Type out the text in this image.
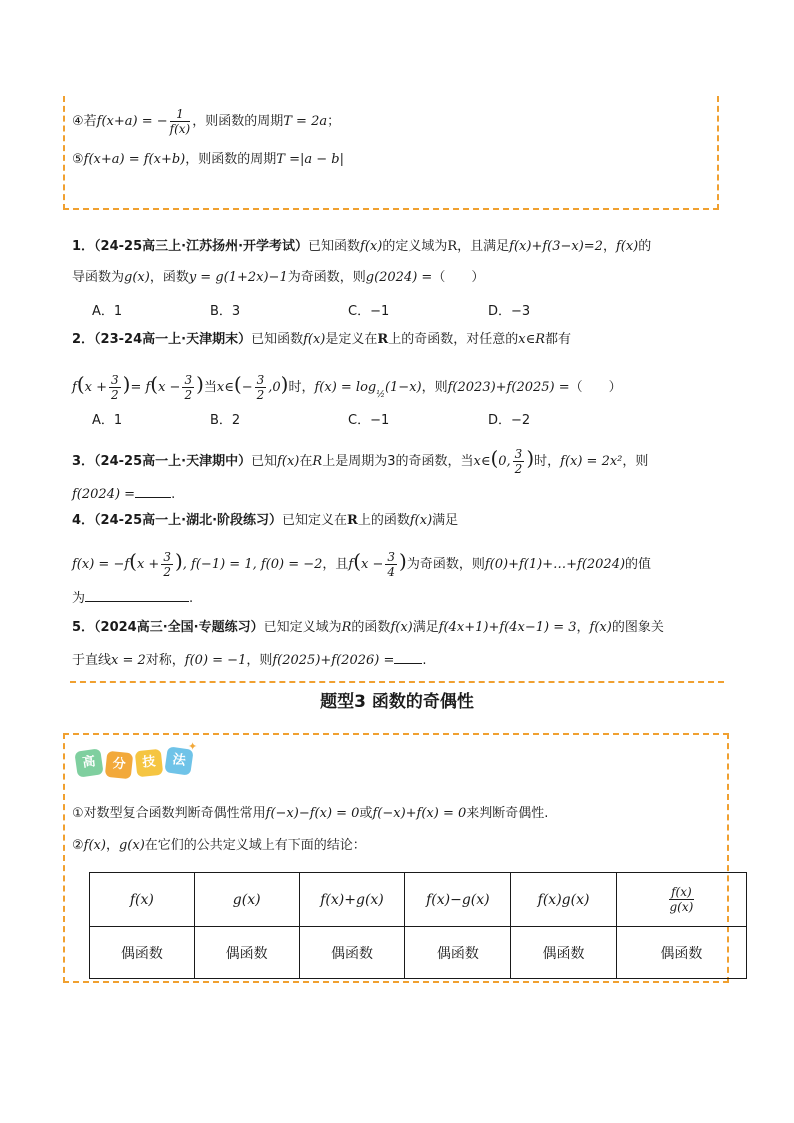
④若f(x+a) = − $\frac{1}{f(x)}$ ，则函数的周期T = 2a；
⑤f(x+a) = f(x+b)，则函数的周期T =|a − b|
1．（24-25高三上·江苏扬州·开学考试）已知函数f(x)的定义域为R，且满足f(x)+f(3−x)=2，f(x)的
导函数为g(x)，函数y = g(1+2x)−1为奇函数，则g(2024) =（　　）
A．1	B．3	C．−1	D．−3
2．（23-24高一上·天津期末）已知函数f(x)是定义在R上的奇函数，对任意的x∈R都有
$f(x + \frac{3}{2}$ )= $f(x - \frac{3}{2}$ )当x∈(− $\frac{3}{2} ,0$)时，$f(x) = \log_{\frac{1}{2}}(1-x)$，则f(2023)+f(2025) =（　　）
A．1	B．2	C．−1	D．−2
3．（24-25高一上·天津期中）已知f(x)在R上是周期为3的奇函数，当x∈(0, $\frac{3}{2}$ )时，f(x) = 2x²，则
f(2024) =	.
4．（24-25高一上·湖北·阶段练习）已知定义在R上的函数f(x)满足
$f(x) = -f(x + \frac{3}{2}$ ), f(−1) = 1, f(0) = −2，且$f(x - \frac{3}{4}$ )为奇函数，则f(0)+f(1)+…+f(2024)的值
为	.
5．（2024高三·全国·专题练习）已知定义域为R的函数f(x)满足f(4x+1)+f(4x−1) = 3，f(x)的图象关
于直线x = 2对称，f(0) = −1，则f(2025)+f(2026) = .
题型3 函数的奇偶性
高	分	技	法
✦
①对数型复合函数判断奇偶性常用f(−x)−f(x) = 0或f(−x)+f(x) = 0来判断奇偶性.
②f(x)，g(x)在它们的公共定义域上有下面的结论：
f(x)	g(x)	f(x)+g(x)	f(x)−g(x)	f(x)g(x)	$\frac{f(x)}{g(x)}$

偶函数	偶函数	偶函数	偶函数	偶函数	偶函数
